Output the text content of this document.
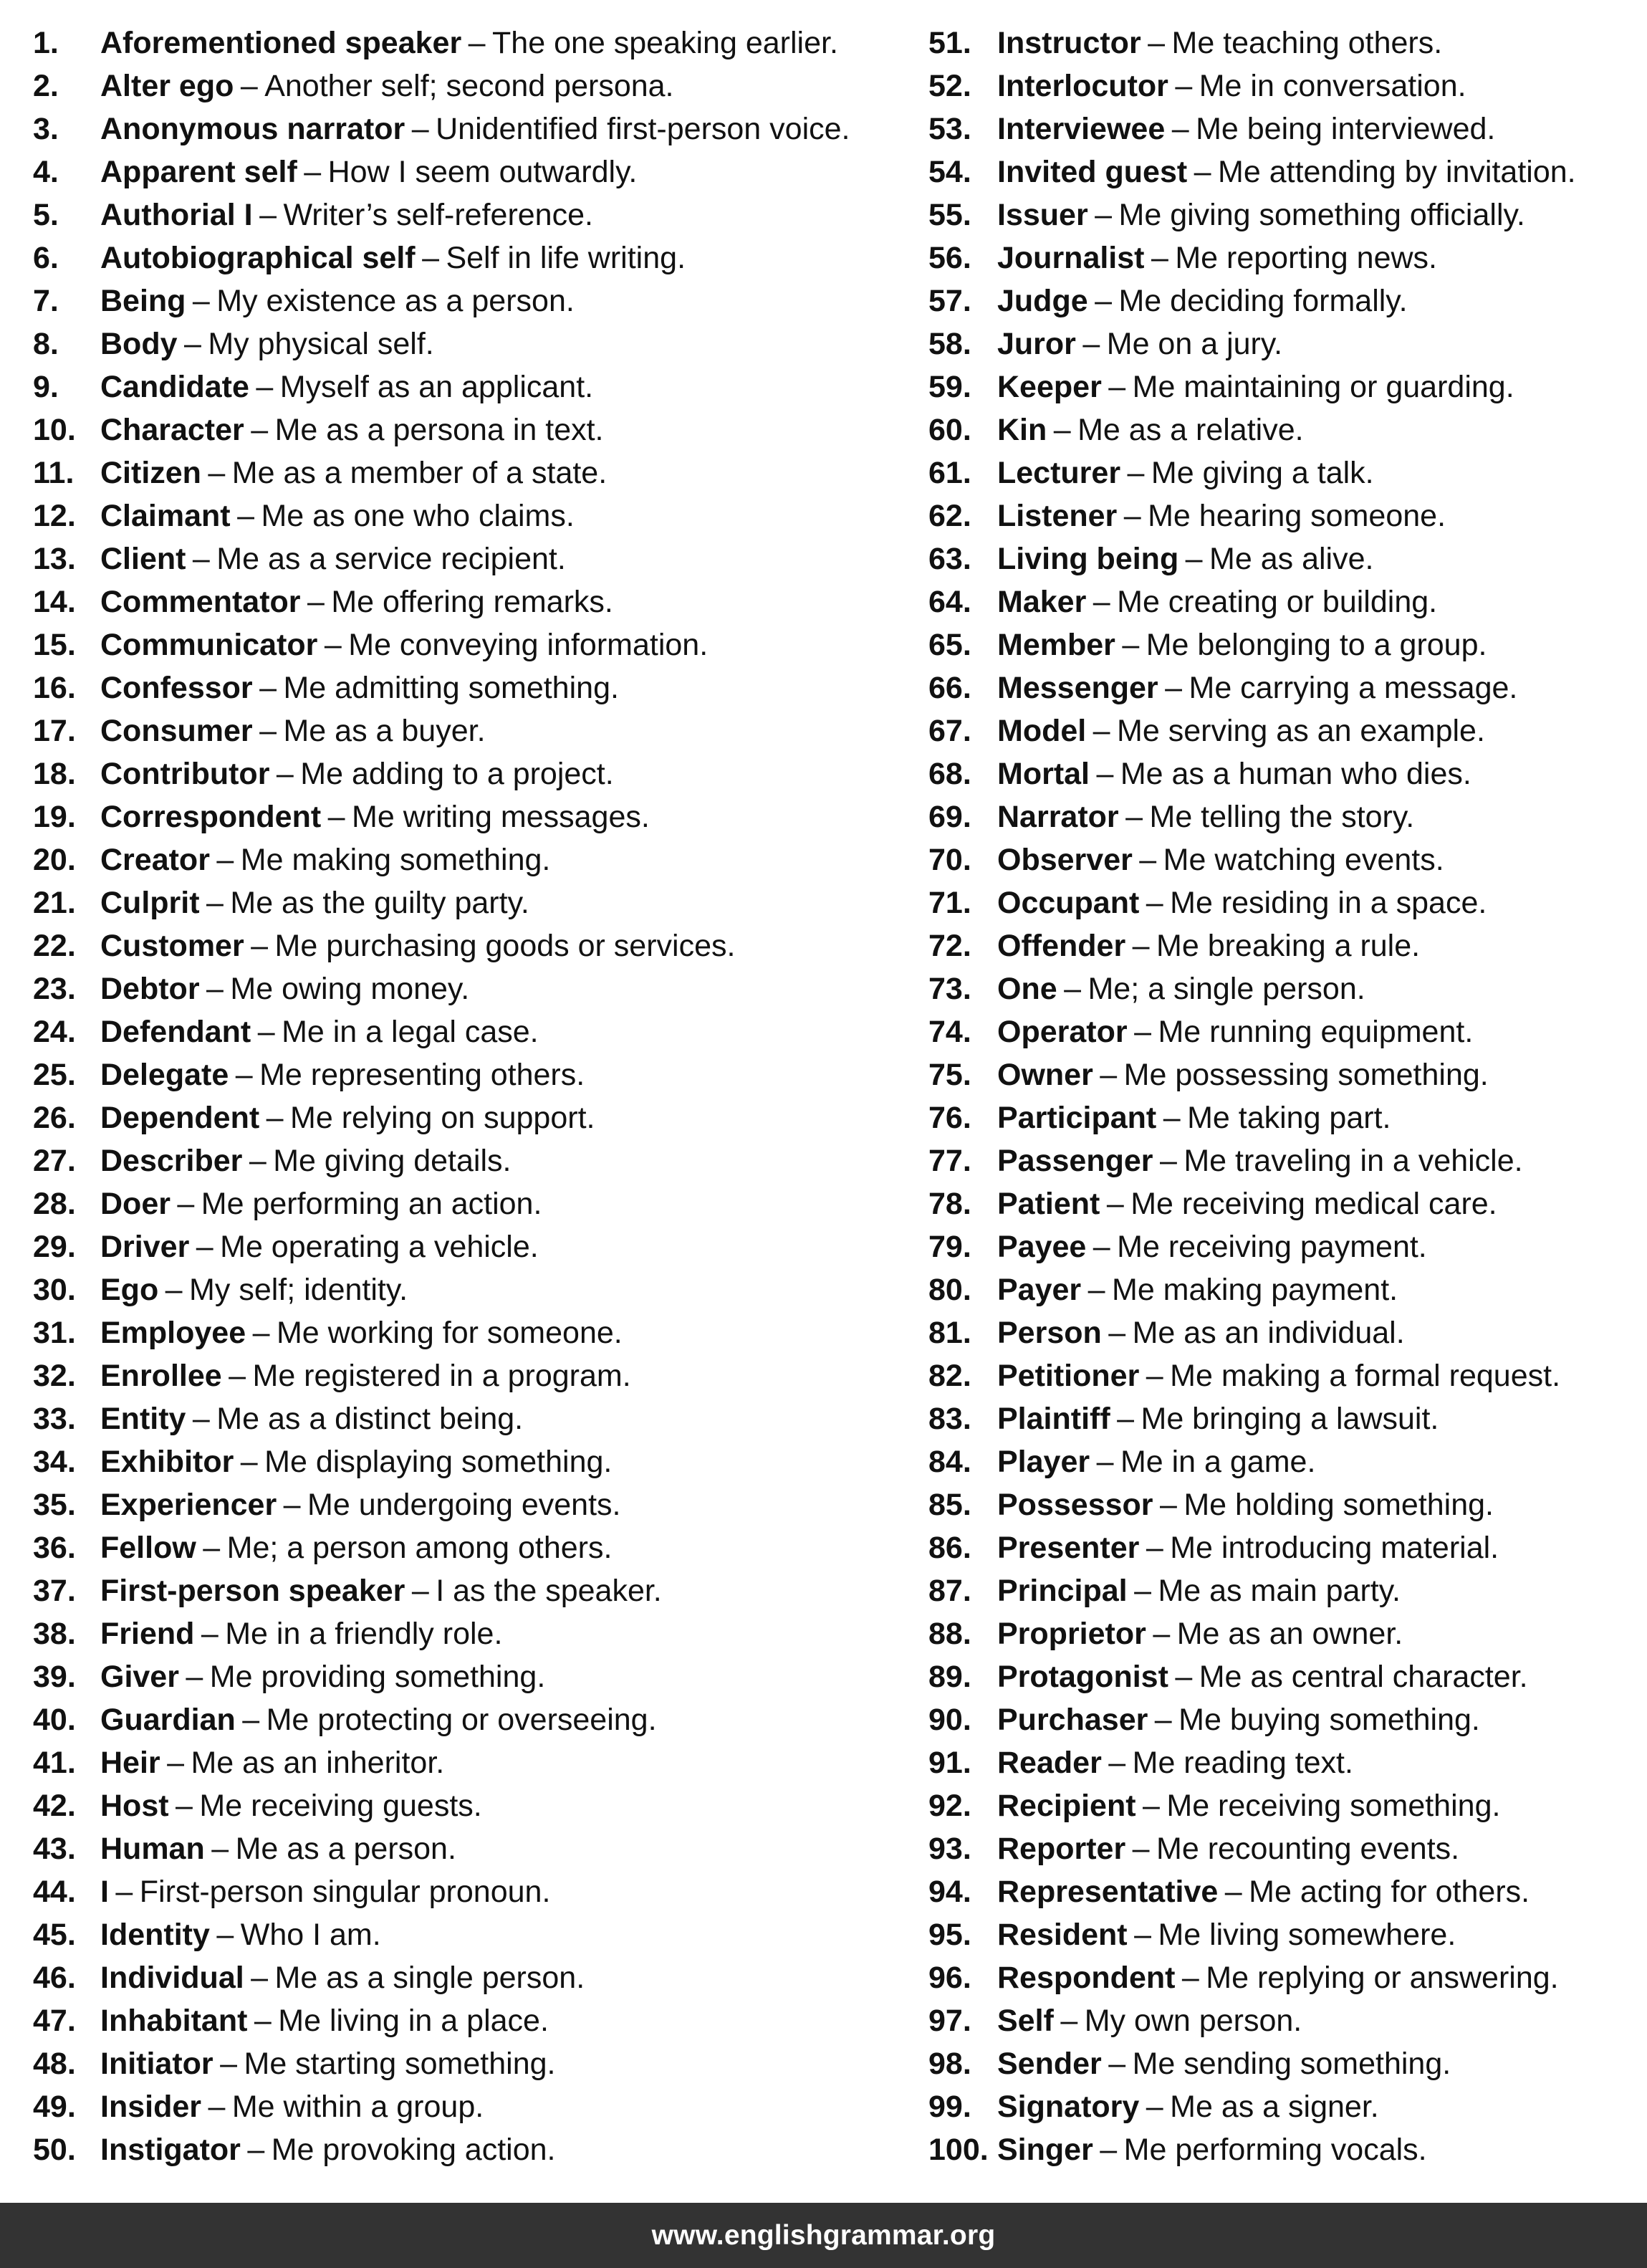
1. Aforementioned speaker – The one speaking earlier.
2. Alter ego – Another self; second persona.
3. Anonymous narrator – Unidentified first-person voice.
4. Apparent self – How I seem outwardly.
5. Authorial I – Writer’s self-reference.
6. Autobiographical self – Self in life writing.
7. Being – My existence as a person.
8. Body – My physical self.
9. Candidate – Myself as an applicant.
10. Character – Me as a persona in text.
11. Citizen – Me as a member of a state.
12. Claimant – Me as one who claims.
13. Client – Me as a service recipient.
14. Commentator – Me offering remarks.
15. Communicator – Me conveying information.
16. Confessor – Me admitting something.
17. Consumer – Me as a buyer.
18. Contributor – Me adding to a project.
19. Correspondent – Me writing messages.
20. Creator – Me making something.
21. Culprit – Me as the guilty party.
22. Customer – Me purchasing goods or services.
23. Debtor – Me owing money.
24. Defendant – Me in a legal case.
25. Delegate – Me representing others.
26. Dependent – Me relying on support.
27. Describer – Me giving details.
28. Doer – Me performing an action.
29. Driver – Me operating a vehicle.
30. Ego – My self; identity.
31. Employee – Me working for someone.
32. Enrollee – Me registered in a program.
33. Entity – Me as a distinct being.
34. Exhibitor – Me displaying something.
35. Experiencer – Me undergoing events.
36. Fellow – Me; a person among others.
37. First-person speaker – I as the speaker.
38. Friend – Me in a friendly role.
39. Giver – Me providing something.
40. Guardian – Me protecting or overseeing.
41. Heir – Me as an inheritor.
42. Host – Me receiving guests.
43. Human – Me as a person.
44. I – First-person singular pronoun.
45. Identity – Who I am.
46. Individual – Me as a single person.
47. Inhabitant – Me living in a place.
48. Initiator – Me starting something.
49. Insider – Me within a group.
50. Instigator – Me provoking action.
51. Instructor – Me teaching others.
52. Interlocutor – Me in conversation.
53. Interviewee – Me being interviewed.
54. Invited guest – Me attending by invitation.
55. Issuer – Me giving something officially.
56. Journalist – Me reporting news.
57. Judge – Me deciding formally.
58. Juror – Me on a jury.
59. Keeper – Me maintaining or guarding.
60. Kin – Me as a relative.
61. Lecturer – Me giving a talk.
62. Listener – Me hearing someone.
63. Living being – Me as alive.
64. Maker – Me creating or building.
65. Member – Me belonging to a group.
66. Messenger – Me carrying a message.
67. Model – Me serving as an example.
68. Mortal – Me as a human who dies.
69. Narrator – Me telling the story.
70. Observer – Me watching events.
71. Occupant – Me residing in a space.
72. Offender – Me breaking a rule.
73. One – Me; a single person.
74. Operator – Me running equipment.
75. Owner – Me possessing something.
76. Participant – Me taking part.
77. Passenger – Me traveling in a vehicle.
78. Patient – Me receiving medical care.
79. Payee – Me receiving payment.
80. Payer – Me making payment.
81. Person – Me as an individual.
82. Petitioner – Me making a formal request.
83. Plaintiff – Me bringing a lawsuit.
84. Player – Me in a game.
85. Possessor – Me holding something.
86. Presenter – Me introducing material.
87. Principal – Me as main party.
88. Proprietor – Me as an owner.
89. Protagonist – Me as central character.
90. Purchaser – Me buying something.
91. Reader – Me reading text.
92. Recipient – Me receiving something.
93. Reporter – Me recounting events.
94. Representative – Me acting for others.
95. Resident – Me living somewhere.
96. Respondent – Me replying or answering.
97. Self – My own person.
98. Sender – Me sending something.
99. Signatory – Me as a signer.
100. Singer – Me performing vocals.
www.englishgrammar.org
